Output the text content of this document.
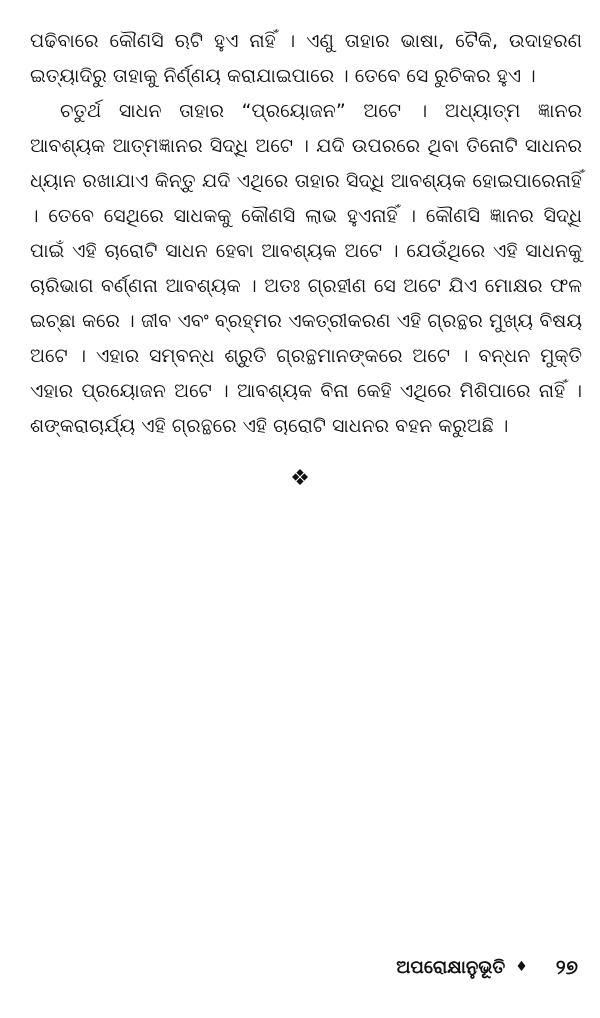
ପଢିବାରେ କୌଣସି ଋଟି ହୁଏ ନାହିଁ । ଏଣୁ ତାହାର ଭାଷା, ଟୈକି, ଉଦାହରଣ ଇତ୍ୟାଦିରୁ ତାହାକୁ ନିର୍ଣ୍ଣୟ କରାଯାଇପାରେ । ତେବେ ସେ ରୁଚିକର ହୁଏ ।

ଚତୁର୍ଥ ସାଧନ ତାହାର “ପ୍ରୟୋଜନ” ଅଟେ । ଅଧ୍ୟାତ୍ମ ଜ୍ଞାନର ଆବଶ୍ୟକ ଆତ୍ମଜ୍ଞାନର ସିଦ୍ଧି ଅଟେ । ଯଦି ଉପରରେ ଥିବା ତିନୋଟି ସାଧନର ଧ୍ୟାନ ରଖାଯାଏ କିନ୍ତୁ ଯଦି ଏଥିରେ ତାହାର ସିଦ୍ଧି ଆବଶ୍ୟକ ହୋଇପାରେନାହିଁ । ତେବେ ସେଥିରେ ସାଧକକୁ କୌଣସି ଲାଭ ହୁଏନାହିଁ । କୌଣସି ଜ୍ଞାନର ସିଦ୍ଧି ପାଇଁ ଏହି ଚାରୋଟି ସାଧନ ହେବା ଆବଶ୍ୟକ ଅଟେ । ଯେଉଁଥିରେ ଏହି ସାଧନକୁ ଚାରିଭାଗ ବର୍ଣ୍ଣନା ଆବଶ୍ୟକ । ଅତଃ ଗ୍ରହୀଣ ସେ ଅଟେ ଯିଏ ମୋକ୍ଷର ଫଳ ଇଚ୍ଛା କରେ । ଜୀବ ଏବଂ ବ୍ରହ୍ମର ଏକତ୍ରୀକରଣ ଏହି ଗ୍ରନ୍ଥର ମୁଖ୍ୟ ବିଷୟ ଅଟେ । ଏହାର ସମ୍ବନ୍ଧ ଶ୍ରୁତି ଗ୍ରନ୍ଥମାନଙ୍କରେ ଅଟେ । ବନ୍ଧନ ମୁକ୍ତି ଏହାର ପ୍ରୟୋଜନ ଅଟେ । ଆବଶ୍ୟକ ବିନା କେହି ଏଥିରେ ମିଶିପାରେ ନାହିଁ । ଶଙ୍କରାଚାର୍ଯ୍ୟ ଏହି ଗ୍ରନ୍ଥରେ ଏହି ଚାରୋଟି ସାଧନର ବହନ କରୁଅଛି ।

❖
ଅପରୋକ୍ଷାନୁଭୂତି ♦ ୨୭
